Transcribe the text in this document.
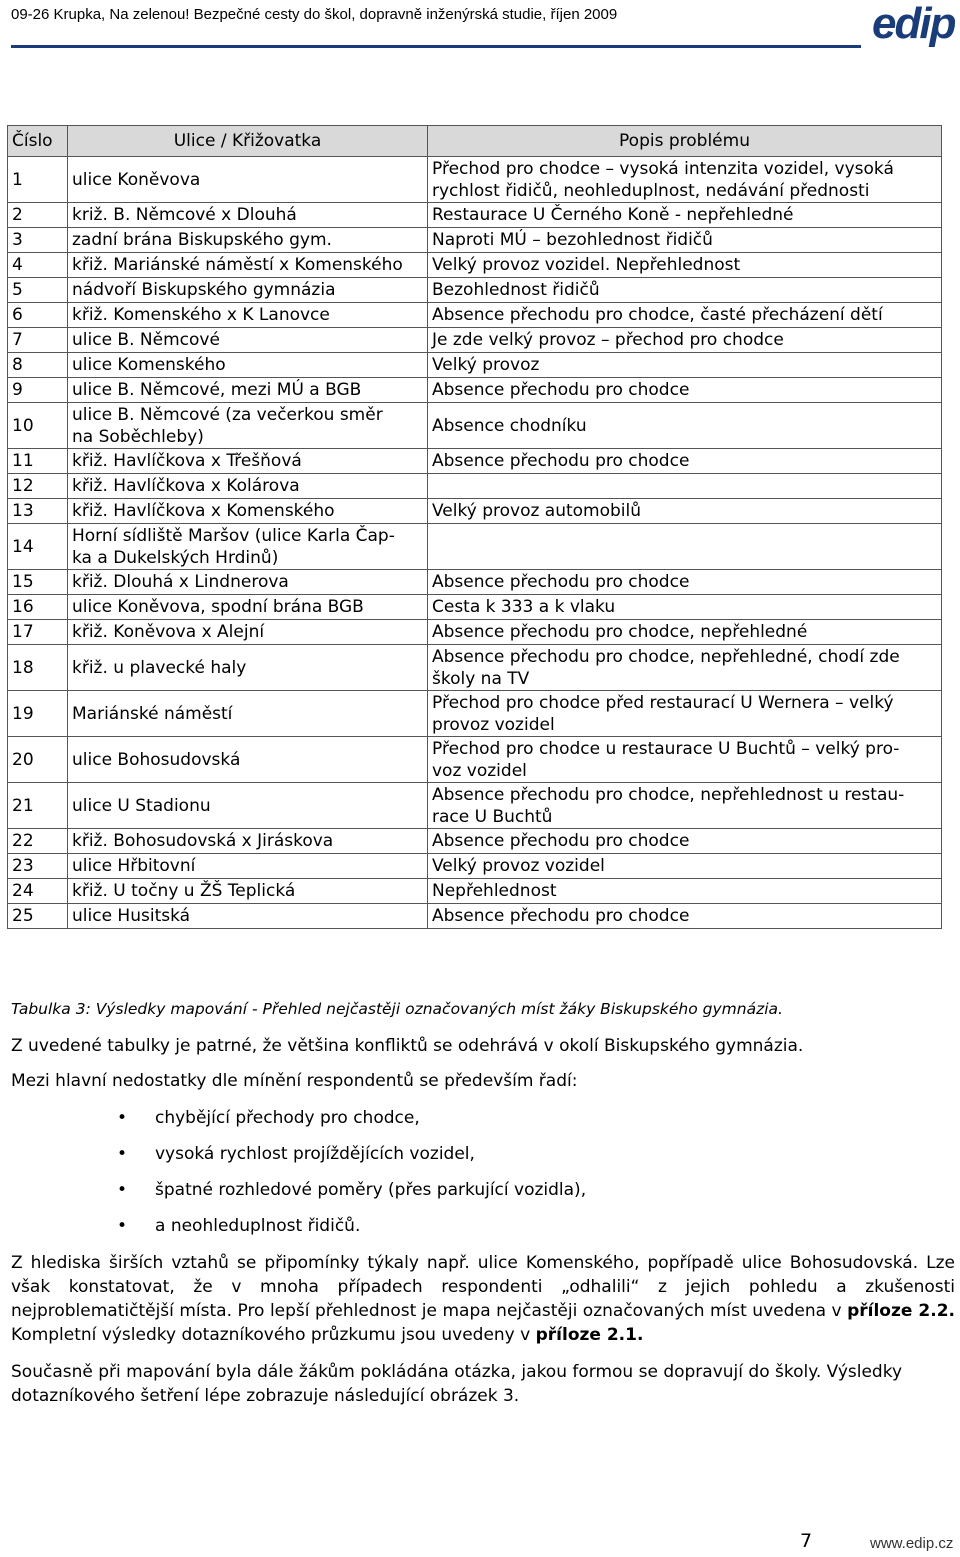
09-26 Krupka, Na zelenou! Bezpečné cesty do škol, dopravně inženýrská studie, říjen 2009	edip
Číslo	Ulice / Křižovatka	Popis problému
1	ulice Koněvova	Přechod pro chodce – vysoká intenzita vozidel, vysoká
rychlost řidičů, neohleduplnost, nedávání přednosti

2	križ. B. Němcové x Dlouhá	Restaurace U Černého Koně - nepřehledné

3	zadní brána Biskupského gym.	Naproti MÚ – bezohlednost řidičů

4	křiž. Mariánské náměstí x Komenského	Velký provoz vozidel. Nepřehlednost

5	nádvoří Biskupského gymnázia	Bezohlednost řidičů

6	křiž. Komenského x K Lanovce	Absence přechodu pro chodce, časté přecházení dětí

7	ulice B. Němcové	Je zde velký provoz – přechod pro chodce

8	ulice Komenského	Velký provoz

9	ulice B. Němcové, mezi MÚ a BGB	Absence přechodu pro chodce

10	ulice B. Němcové (za večerkou směr
na Soběchleby)	Absence chodníku

11	křiž. Havlíčkova x Třešňová	Absence přechodu pro chodce

12	křiž. Havlíčkova x Kolárova	

13	křiž. Havlíčkova x Komenského	Velký provoz automobilů

14	Horní sídliště Maršov (ulice Karla Čap-
ka a Dukelských Hrdinů)	

15	křiž. Dlouhá x Lindnerova	Absence přechodu pro chodce

16	ulice Koněvova, spodní brána BGB	Cesta k 333 a k vlaku

17	křiž. Koněvova x Alejní	Absence přechodu pro chodce, nepřehledné

18	křiž. u plavecké haly	Absence přechodu pro chodce, nepřehledné, chodí zde
školy na TV

19	Mariánské náměstí	Přechod pro chodce před restaurací U Wernera – velký
provoz vozidel

20	ulice Bohosudovská	Přechod pro chodce u restaurace U Buchtů – velký pro-
voz vozidel

21	ulice U Stadionu	Absence přechodu pro chodce, nepřehlednost u restau-
race U Buchtů

22	křiž. Bohosudovská x Jiráskova	Absence přechodu pro chodce

23	ulice Hřbitovní	Velký provoz vozidel

24	křiž. U točny u ŽŠ Teplická	Nepřehlednost

25	ulice Husitská	Absence přechodu pro chodce
Tabulka 3: Výsledky mapování - Přehled nejčastěji označovaných míst žáky Biskupského gymnázia.
Z uvedené tabulky je patrné, že většina konfliktů se odehrává v okolí Biskupského gymnázia.
Mezi hlavní nedostatky dle mínění respondentů se především řadí:
• chybějící přechody pro chodce,
• vysoká rychlost projíždějících vozidel,
• špatné rozhledové poměry (přes parkující vozidla),
• a neohleduplnost řidičů.
Z hlediska širších vztahů se připomínky týkaly např. ulice Komenského, popřípadě ulice Bohosudovská. Lze však konstatovat, že v mnoha případech respondenti „odhalili“ z jejich pohledu a zkušenosti nejproblematičtější místa. Pro lepší přehlednost je mapa nejčastěji označovaných míst uvedena v příloze 2.2. Kompletní výsledky dotazníkového průzkumu jsou uvedeny v příloze 2.1.
Současně při mapování byla dále žákům pokládána otázka, jakou formou se dopravují do školy. Výsledky dotazníkového šetření lépe zobrazuje následující obrázek 3.
7	www.edip.cz
